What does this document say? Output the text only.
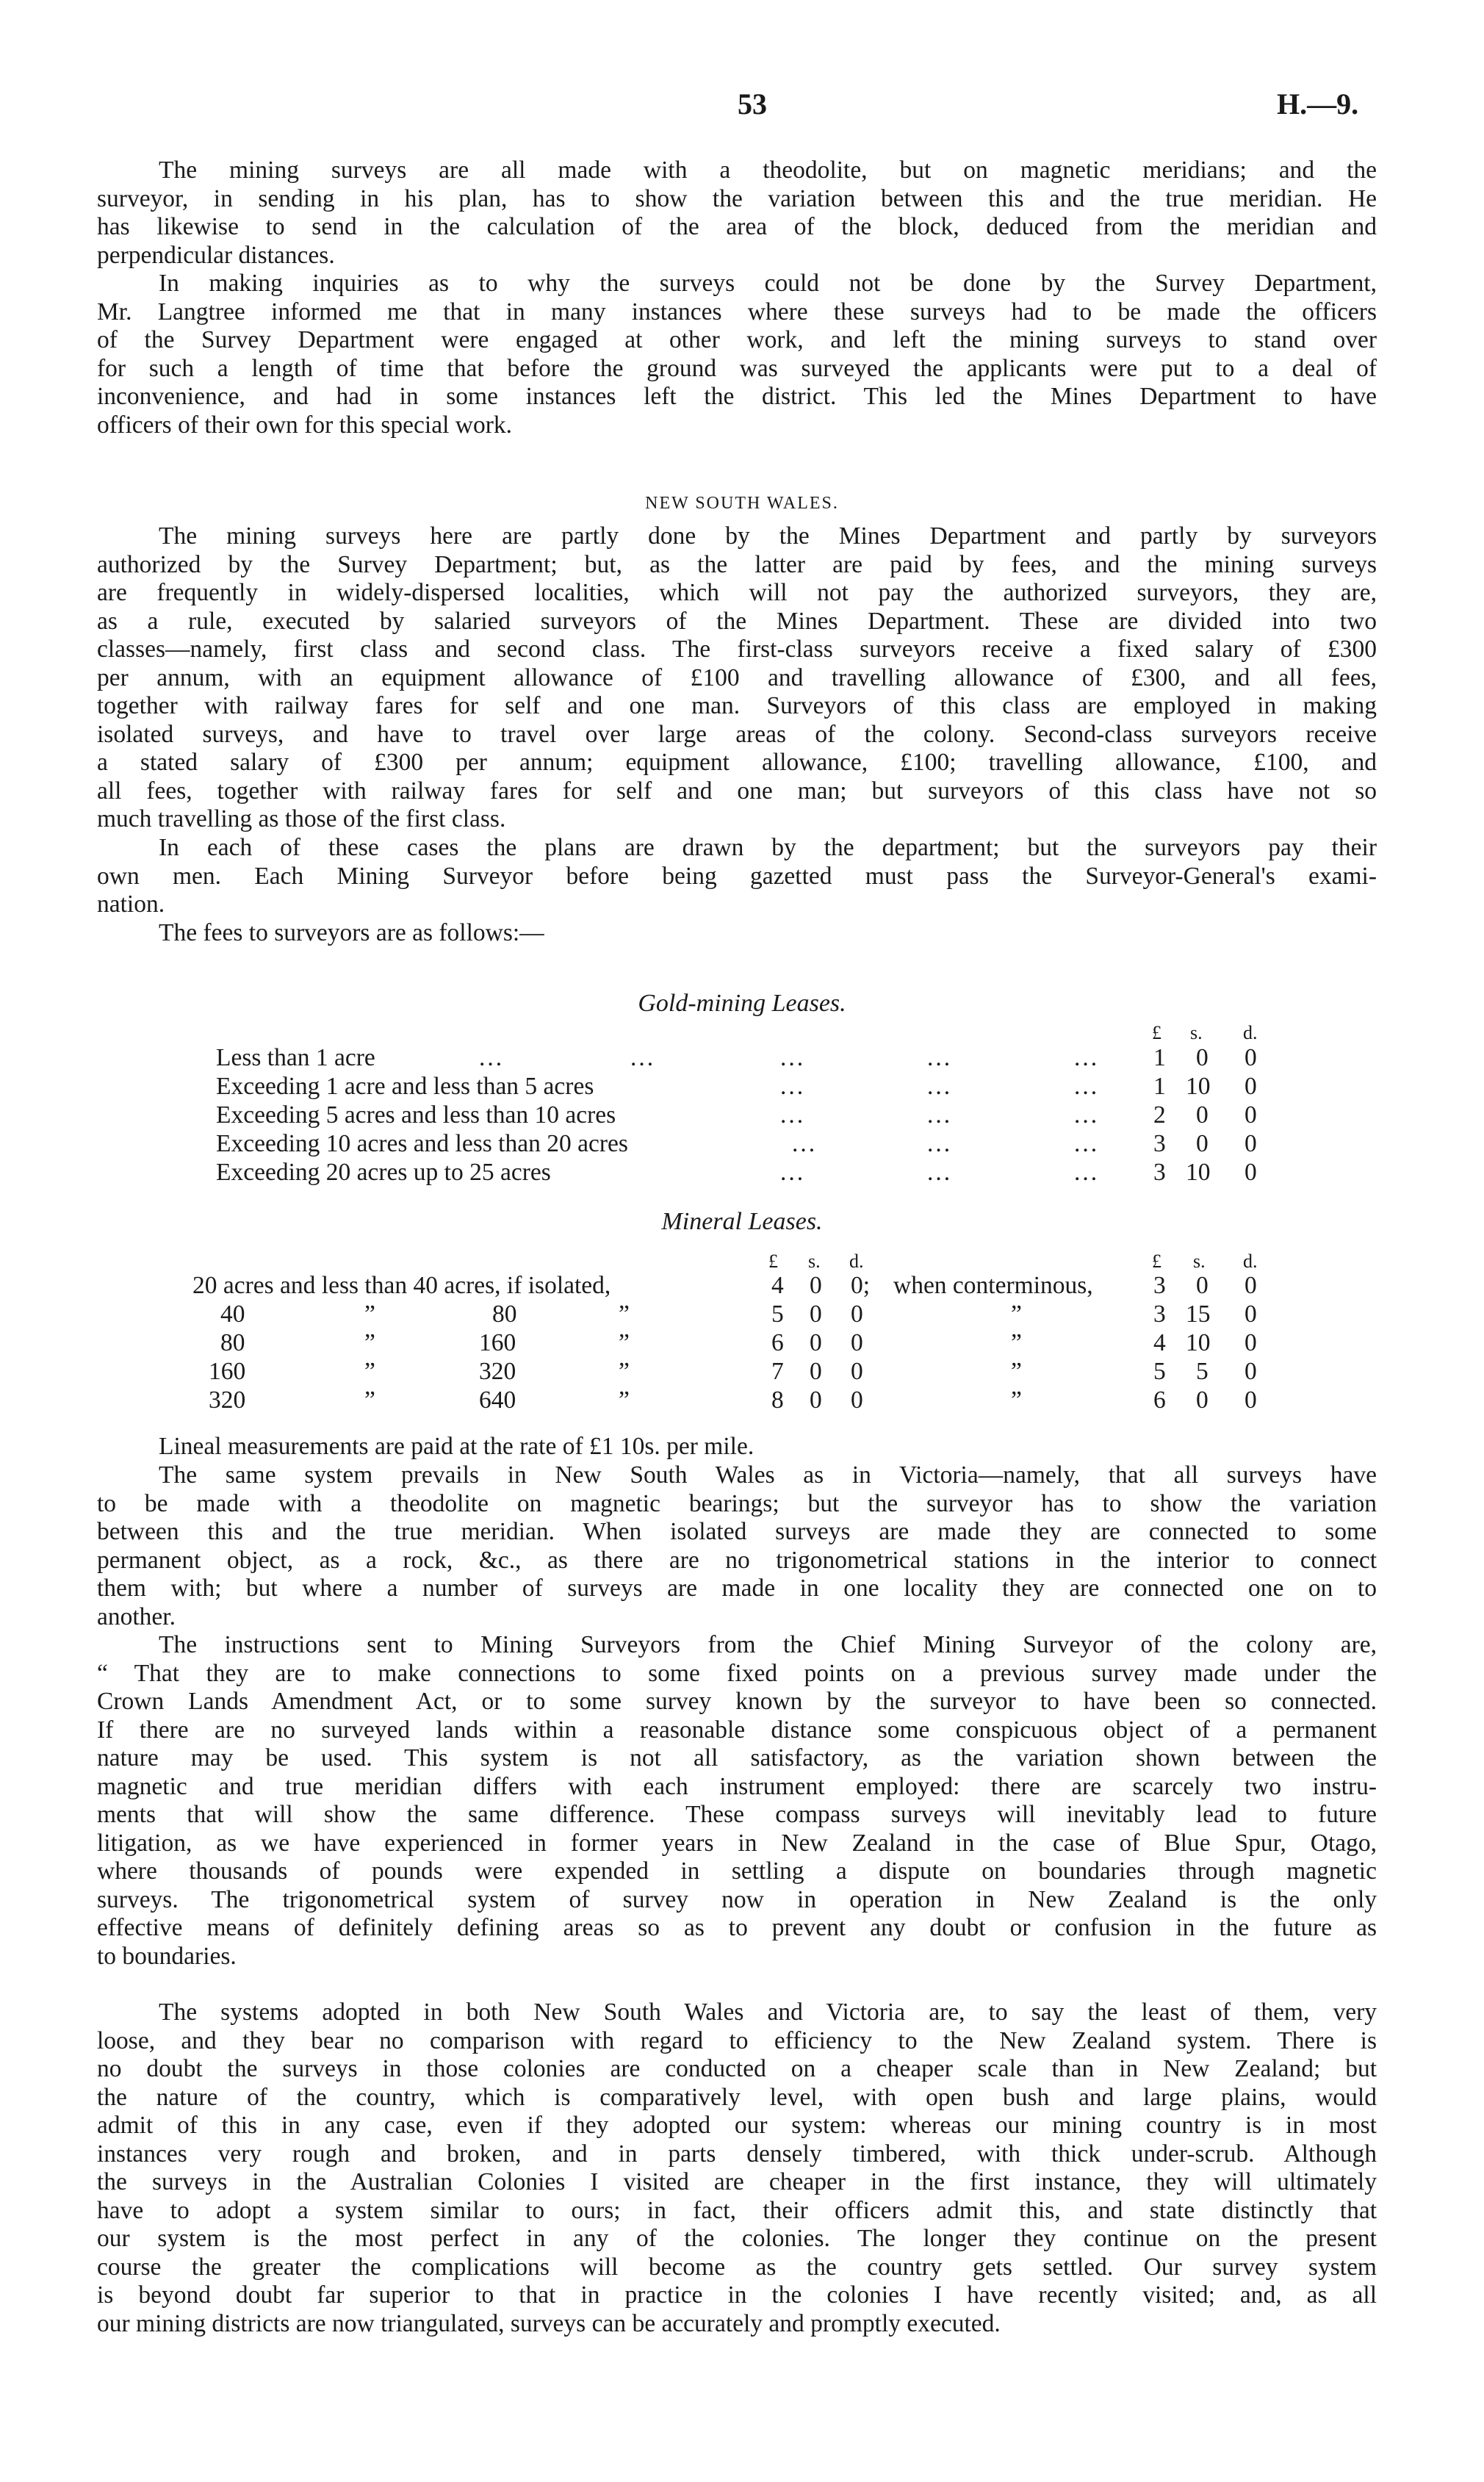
53	H.—9.
The mining surveys are all made with a theodolite, but on magnetic meridians; and the
surveyor, in sending in his plan, has to show the variation between this and the true meridian. He
has likewise to send in the calculation of the area of the block, deduced from the meridian and
perpendicular distances.
In making inquiries as to why the surveys could not be done by the Survey Department,
Mr. Langtree informed me that in many instances where these surveys had to be made the officers
of the Survey Department were engaged at other work, and left the mining surveys to stand over
for such a length of time that before the ground was surveyed the applicants were put to a deal of
inconvenience, and had in some instances left the district. This led the Mines Department to have
officers of their own for this special work.
NEW SOUTH WALES.
The mining surveys here are partly done by the Mines Department and partly by surveyors
authorized by the Survey Department; but, as the latter are paid by fees, and the mining surveys
are frequently in widely-dispersed localities, which will not pay the authorized surveyors, they are,
as a rule, executed by salaried surveyors of the Mines Department. These are divided into two
classes—namely, first class and second class. The first-class surveyors receive a fixed salary of £300
per annum, with an equipment allowance of £100 and travelling allowance of £300, and all fees,
together with railway fares for self and one man. Surveyors of this class are employed in making
isolated surveys, and have to travel over large areas of the colony. Second-class surveyors receive
a stated salary of £300 per annum; equipment allowance, £100; travelling allowance, £100, and
all fees, together with railway fares for self and one man; but surveyors of this class have not so
much travelling as those of the first class.
In each of these cases the plans are drawn by the department; but the surveyors pay their
own men. Each Mining Surveyor before being gazetted must pass the Surveyor-General's exami-
nation.
The fees to surveyors are as follows:—
Gold-mining Leases.
£ s. d.
Less than 1 acre	...	...	...	...	... 1 0 0
Exceeding 1 acre and less than 5 acres	...	...	... 1 10 0
Exceeding 5 acres and less than 10 acres	...	...	... 2 0 0
Exceeding 10 acres and less than 20 acres	...	...	... 3 0 0
Exceeding 20 acres up to 25 acres	...	...	... 3 10 0
Mineral Leases.
£ s. d.	£ s. d.
20 acres and less than 40 acres, if isolated,	4 0 0; when conterminous, 3 0 0
40	”	80	”	5 0 0	”	3 15 0
80	”	160	”	6 0 0	”	4 10 0
160	”	320	”	7 0 0	”	5 5 0
320	”	640	”	8 0 0	”	6 0 0
Lineal measurements are paid at the rate of £1 10s. per mile.
The same system prevails in New South Wales as in Victoria—namely, that all surveys have
to be made with a theodolite on magnetic bearings; but the surveyor has to show the variation
between this and the true meridian. When isolated surveys are made they are connected to some
permanent object, as a rock, &c., as there are no trigonometrical stations in the interior to connect
them with; but where a number of surveys are made in one locality they are connected one on to
another.
The instructions sent to Mining Surveyors from the Chief Mining Surveyor of the colony are,
“ That they are to make connections to some fixed points on a previous survey made under the
Crown Lands Amendment Act, or to some survey known by the surveyor to have been so connected.
If there are no surveyed lands within a reasonable distance some conspicuous object of a permanent
nature may be used. This system is not all satisfactory, as the variation shown between the
magnetic and true meridian differs with each instrument employed: there are scarcely two instru-
ments that will show the same difference. These compass surveys will inevitably lead to future
litigation, as we have experienced in former years in New Zealand in the case of Blue Spur, Otago,
where thousands of pounds were expended in settling a dispute on boundaries through magnetic
surveys. The trigonometrical system of survey now in operation in New Zealand is the only
effective means of definitely defining areas so as to prevent any doubt or confusion in the future as
to boundaries.
The systems adopted in both New South Wales and Victoria are, to say the least of them, very
loose, and they bear no comparison with regard to efficiency to the New Zealand system. There is
no doubt the surveys in those colonies are conducted on a cheaper scale than in New Zealand; but
the nature of the country, which is comparatively level, with open bush and large plains, would
admit of this in any case, even if they adopted our system: whereas our mining country is in most
instances very rough and broken, and in parts densely timbered, with thick under-scrub. Although
the surveys in the Australian Colonies I visited are cheaper in the first instance, they will ultimately
have to adopt a system similar to ours; in fact, their officers admit this, and state distinctly that
our system is the most perfect in any of the colonies. The longer they continue on the present
course the greater the complications will become as the country gets settled. Our survey system
is beyond doubt far superior to that in practice in the colonies I have recently visited; and, as all
our mining districts are now triangulated, surveys can be accurately and promptly executed.
